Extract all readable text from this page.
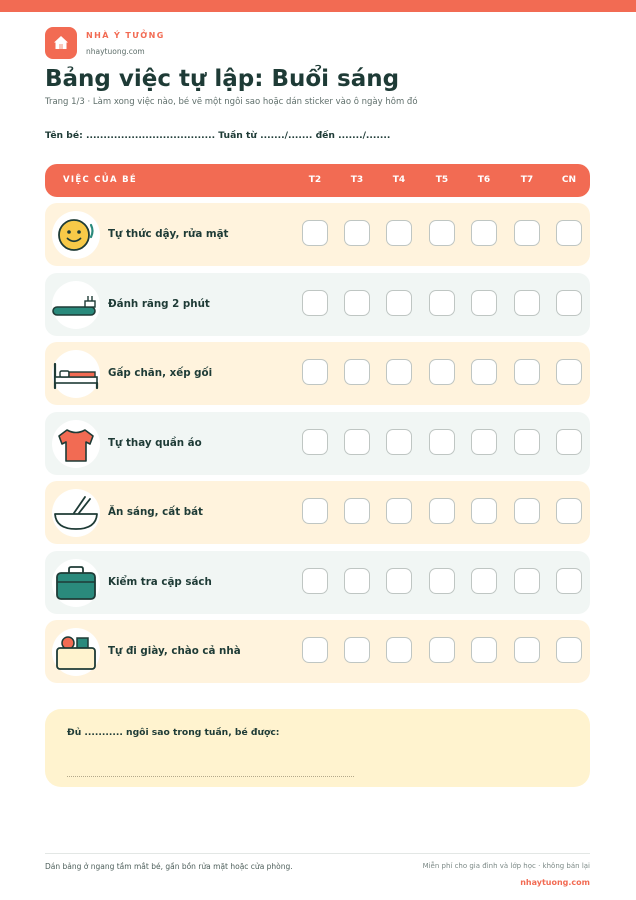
NHÀ Ý TƯỞNG
nhaytuong.com
Bảng việc tự lập: Buổi sáng
Trang 1/3 · Làm xong việc nào, bé vẽ một ngôi sao hoặc dán sticker vào ô ngày hôm đó
Tên bé: ..................................... Tuần từ ......./....... đến ......./.......
VIỆC CỦA BÉ	T2	T3	T4	T5	T6	T7	CN
Tự thức dậy, rửa mặt
Đánh răng 2 phút
Gấp chăn, xếp gối
Tự thay quần áo
Ăn sáng, cất bát
Kiểm tra cặp sách
Tự đi giày, chào cả nhà
Đủ ........... ngôi sao trong tuần, bé được:
Dán bảng ở ngang tầm mắt bé, gần bồn rửa mặt hoặc cửa phòng.	Miễn phí cho gia đình và lớp học · không bán lại
nhaytuong.com
